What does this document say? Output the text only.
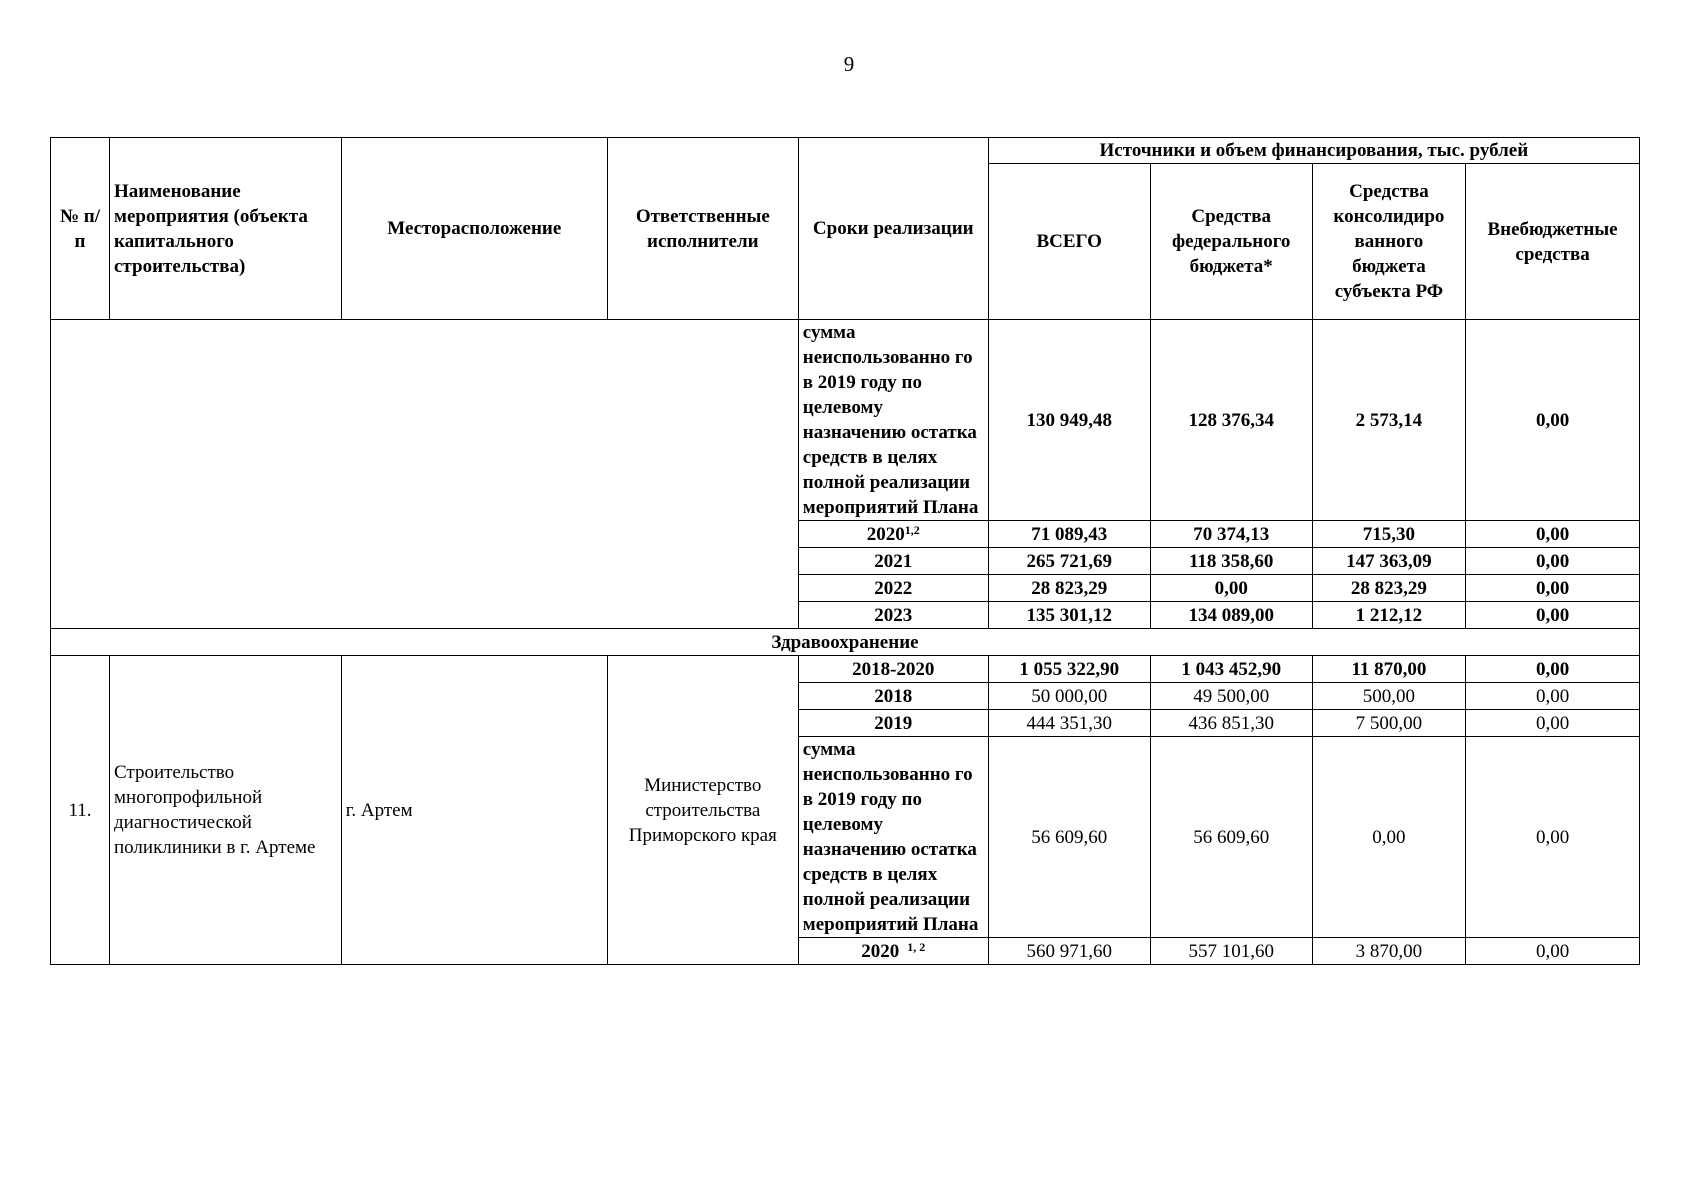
9
№ п/п	Наименование мероприятия (объекта капитального строительства)	Месторасположение	Ответственные исполнители	Сроки реализации	Источники и объем финансирования, тыс. рублей			
					ВСЕГО	Средства федерального бюджета*	Средства консолидиро ванного бюджета субъекта РФ	Внебюджетные средства
				сумма неиспользованно го в 2019 году по целевому назначению остатка средств в целях полной реализации мероприятий Плана	130 949,48	128 376,34	2 573,14	0,00
				2020$^{1,2}$	71 089,43	70 374,13	715,30	0,00
				2021	265 721,69	118 358,60	147 363,09	0,00
				2022	28 823,29	0,00	28 823,29	0,00
				2023	135 301,12	134 089,00	1 212,12	0,00
Здравоохранение								
11.	Строительство многопрофильной диагностической поликлиники в г. Артеме	г. Артем	Министерство строительства Приморского края	2018-2020	1 055 322,90	1 043 452,90	11 870,00	0,00
				2018	50 000,00	49 500,00	500,00	0,00
				2019	444 351,30	436 851,30	7 500,00	0,00
				сумма неиспользованно го в 2019 году по целевому назначению остатка средств в целях полной реализации мероприятий Плана	56 609,60	56 609,60	0,00	0,00
				2020 $^{1, 2}$	560 971,60	557 101,60	3 870,00	0,00
